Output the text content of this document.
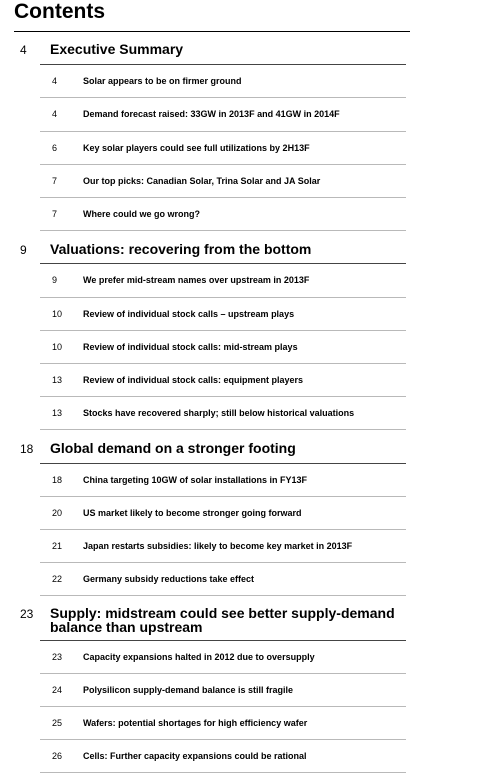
Contents
4 Executive Summary
4	Solar appears to be on firmer ground
4	Demand forecast raised: 33GW in 2013F and 41GW in 2014F
6	Key solar players could see full utilizations by 2H13F
7	Our top picks: Canadian Solar, Trina Solar and JA Solar
7	Where could we go wrong?
9 Valuations: recovering from the bottom
9	We prefer mid-stream names over upstream in 2013F
10 Review of individual stock calls – upstream plays
10 Review of individual stock calls: mid-stream plays
13 Review of individual stock calls: equipment players
13 Stocks have recovered sharply; still below historical valuations
18 Global demand on a stronger footing
18 China targeting 10GW of solar installations in FY13F
20 US market likely to become stronger going forward
21 Japan restarts subsidies: likely to become key market in 2013F
22 Germany subsidy reductions take effect
23 Supply: midstream could see better supply-demand balance than upstream
23 Capacity expansions halted in 2012 due to oversupply
24 Polysilicon supply-demand balance is still fragile
25 Wafers: potential shortages for high efficiency wafer
26 Cells: Further capacity expansions could be rational
